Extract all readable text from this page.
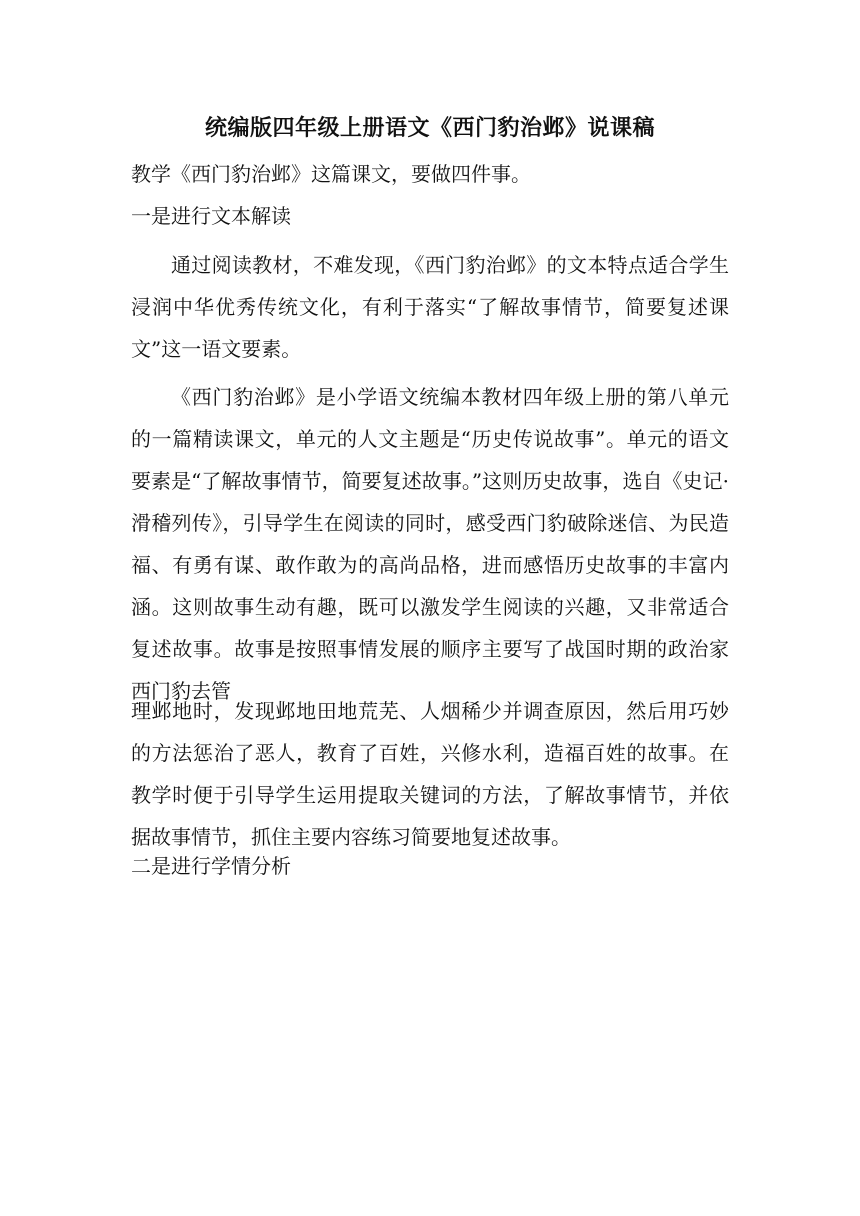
统编版四年级上册语文《西门豹治邺》说课稿
教学《西门豹治邺》这篇课文，要做四件事。
一是进行文本解读

通过阅读教材，不难发现，《西门豹治邺》的文本特点适合学生浸润中华优秀传统文化，有利于落实“了解故事情节，简要复述课文”这一语文要素。

《西门豹治邺》是小学语文统编本教材四年级上册的第八单元的一篇精读课文，单元的人文主题是“历史传说故事”。单元的语文要素是“了解故事情节，简要复述故事。”这则历史故事，选自《史记·滑稽列传》，引导学生在阅读的同时，感受西门豹破除迷信、为民造福、有勇有谋、敢作敢为的高尚品格，进而感悟历史故事的丰富内涵。这则故事生动有趣，既可以激发学生阅读的兴趣，又非常适合复述故事。故事是按照事情发展的顺序主要写了战国时期的政治家西门豹去管

理邺地时，发现邺地田地荒芜、人烟稀少并调查原因，然后用巧妙的方法惩治了恶人，教育了百姓，兴修水利，造福百姓的故事。在教学时便于引导学生运用提取关键词的方法，了解故事情节，并依据故事情节，抓住主要内容练习简要地复述故事。

二是进行学情分析
